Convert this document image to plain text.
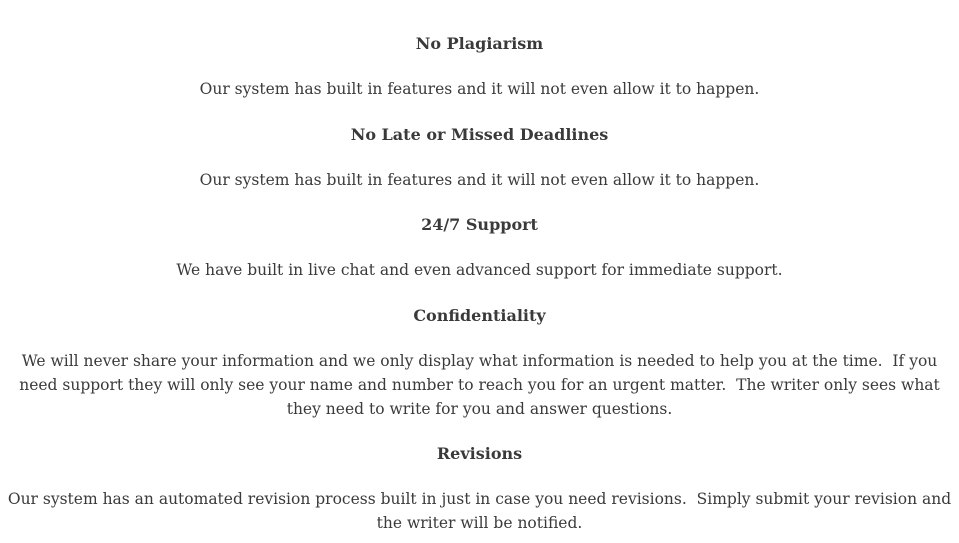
No Plagiarism

Our system has built in features and it will not even allow it to happen.

No Late or Missed Deadlines

Our system has built in features and it will not even allow it to happen.

24/7 Support

We have built in live chat and even advanced support for immediate support.

Confidentiality

We will never share your information and we only display what information is needed to help you at the time.  If you need support they will only see your name and number to reach you for an urgent matter.  The writer only sees what they need to write for you and answer questions.

Revisions

Our system has an automated revision process built in just in case you need revisions.  Simply submit your revision and the writer will be notified.
